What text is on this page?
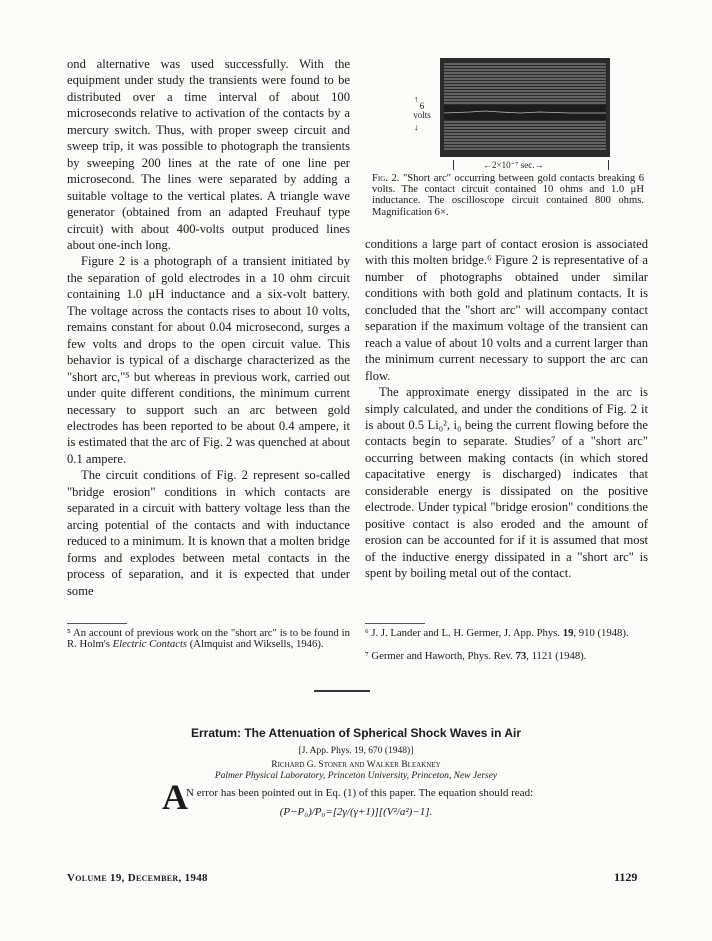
ond alternative was used successfully. With the equipment under study the transients were found to be distributed over a time interval of about 100 microseconds relative to activation of the contacts by a mercury switch. Thus, with proper sweep circuit and sweep trip, it was possible to photograph the transients by sweeping 200 lines at the rate of one line per microsecond. The lines were separated by adding a suitable voltage to the vertical plates. A triangle wave generator (obtained from an adapted Freuhauf type circuit) with about 400-volts output produced lines about one-inch long.

Figure 2 is a photograph of a transient initiated by the separation of gold electrodes in a 10 ohm circuit containing 1.0 μH inductance and a six-volt battery. The voltage across the contacts rises to about 10 volts, remains constant for about 0.04 microsecond, surges a few volts and drops to the open circuit value. This behavior is typical of a discharge characterized as the "short arc,"⁵ but whereas in previous work, carried out under quite different conditions, the minimum current necessary to support such an arc between gold electrodes has been reported to be about 0.4 ampere, it is estimated that the arc of Fig. 2 was quenched at about 0.1 ampere.

The circuit conditions of Fig. 2 represent so-called "bridge erosion" conditions in which contacts are separated in a circuit with battery voltage less than the arcing potential of the contacts and with inductance reduced to a minimum. It is known that a molten bridge forms and explodes between metal contacts in the process of separation, and it is expected that under some

↑
6
volts
↓
←2×10⁻⁷ sec.→
Fig. 2. "Short arc" occurring between gold contacts breaking 6 volts. The contact circuit contained 10 ohms and 1.0 μH inductance. The oscilloscope circuit contained 800 ohms. Magnification 6×.

conditions a large part of contact erosion is associated with this molten bridge.⁶ Figure 2 is representative of a number of photographs obtained under similar conditions with both gold and platinum contacts. It is concluded that the "short arc" will accompany contact separation if the maximum voltage of the transient can reach a value of about 10 volts and a current larger than the minimum current necessary to support the arc can flow.

The approximate energy dissipated in the arc is simply calculated, and under the conditions of Fig. 2 it is about 0.5 Li₀², i₀ being the current flowing before the contacts begin to separate. Studies⁷ of a "short arc" occurring between making contacts (in which stored capacitative energy is discharged) indicates that considerable energy is dissipated on the positive electrode. Under typical "bridge erosion" conditions the positive contact is also eroded and the amount of erosion can be accounted for if it is assumed that most of the inductive energy dissipated in a "short arc" is spent by boiling metal out of the contact.

⁵ An account of previous work on the "short arc" is to be found in R. Holm's Electric Contacts (Almquist and Wiksells, 1946).
⁶ J. J. Lander and L. H. Germer, J. App. Phys. 19, 910 (1948).
⁷ Germer and Haworth, Phys. Rev. 73, 1121 (1948).
Erratum: The Attenuation of Spherical Shock Waves in Air
[J. App. Phys. 19, 670 (1948)]
Richard G. Stoner and Walker Bleakney
Palmer Physical Laboratory, Princeton University, Princeton, New Jersey
A
N error has been pointed out in Eq. (1) of this paper. The equation should read:
(P−P₀)/P₀=[2γ/(γ+1)][(V²/a²)−1].
Volume 19, December, 1948	1129
